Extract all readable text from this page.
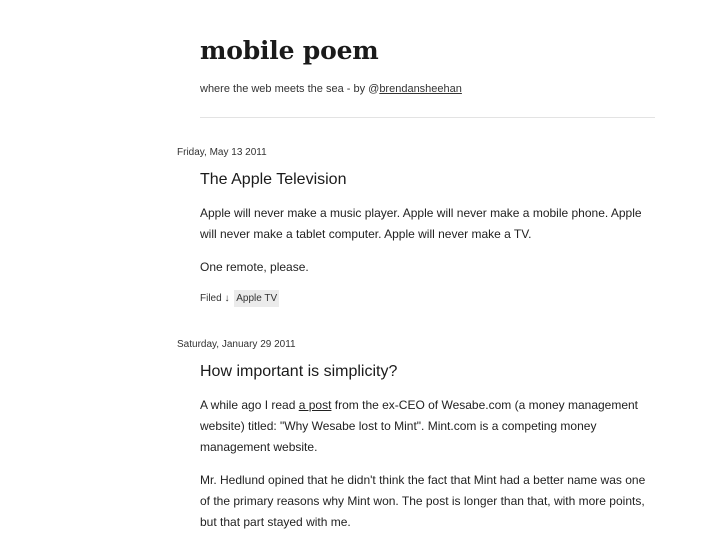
mobile poem
where the web meets the sea - by @brendansheehan
Friday, May 13 2011
The Apple Television

Apple will never make a music player. Apple will never make a mobile phone. Apple will never make a tablet computer. Apple will never make a TV.

One remote, please.

Filed ↓ Apple TV
Saturday, January 29 2011
How important is simplicity?

A while ago I read a post from the ex-CEO of Wesabe.com (a money management website) titled: "Why Wesabe lost to Mint". Mint.com is a competing money management website.

Mr. Hedlund opined that he didn't think the fact that Mint had a better name was one of the primary reasons why Mint won. The post is longer than that, with more points, but that part stayed with me.
